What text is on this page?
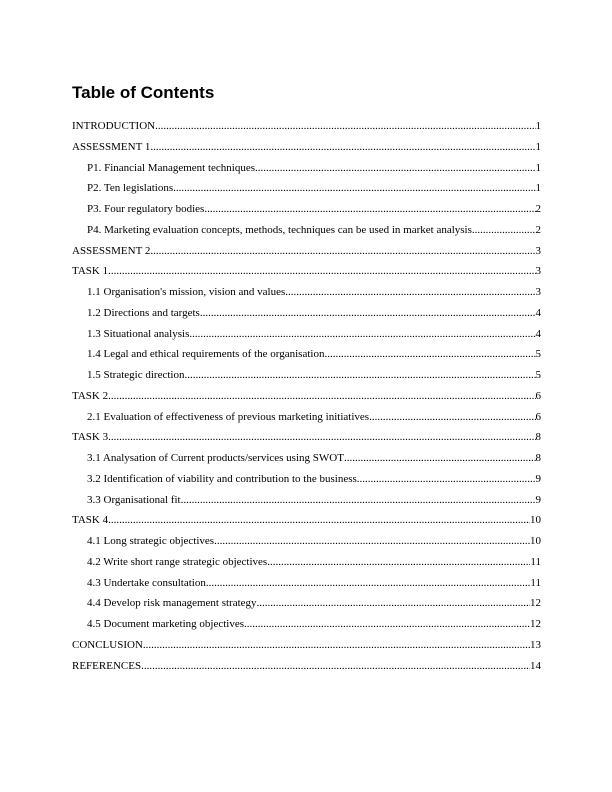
Table of Contents
INTRODUCTION .....	1
ASSESSMENT 1 .....	1
P1. Financial Management techniques .....	1
P2. Ten legislations .....	1
P3. Four regulatory bodies .....	2
P4. Marketing evaluation concepts, methods, techniques can be used in market analysis .....	2
ASSESSMENT 2 .....	3
TASK 1 .....	3
1.1 Organisation's mission, vision and values .....	3
1.2 Directions and targets .....	4
1.3 Situational analysis .....	4
1.4 Legal and ethical requirements of the organisation .....	5
1.5 Strategic direction .....	5
TASK 2 .....	6
2.1 Evaluation of effectiveness of previous marketing initiatives .....	6
TASK 3 .....	8
3.1 Analysation of Current products/services using SWOT .....	8
3.2 Identification of viability and contribution to the business .....	9
3.3 Organisational fit .....	9
TASK 4 .....	10
4.1 Long strategic objectives .....	10
4.2 Write short range strategic objectives .....	11
4.3 Undertake consultation .....	11
4.4 Develop risk management strategy .....	12
4.5 Document marketing objectives .....	12
CONCLUSION .....	13
REFERENCES .....	14
